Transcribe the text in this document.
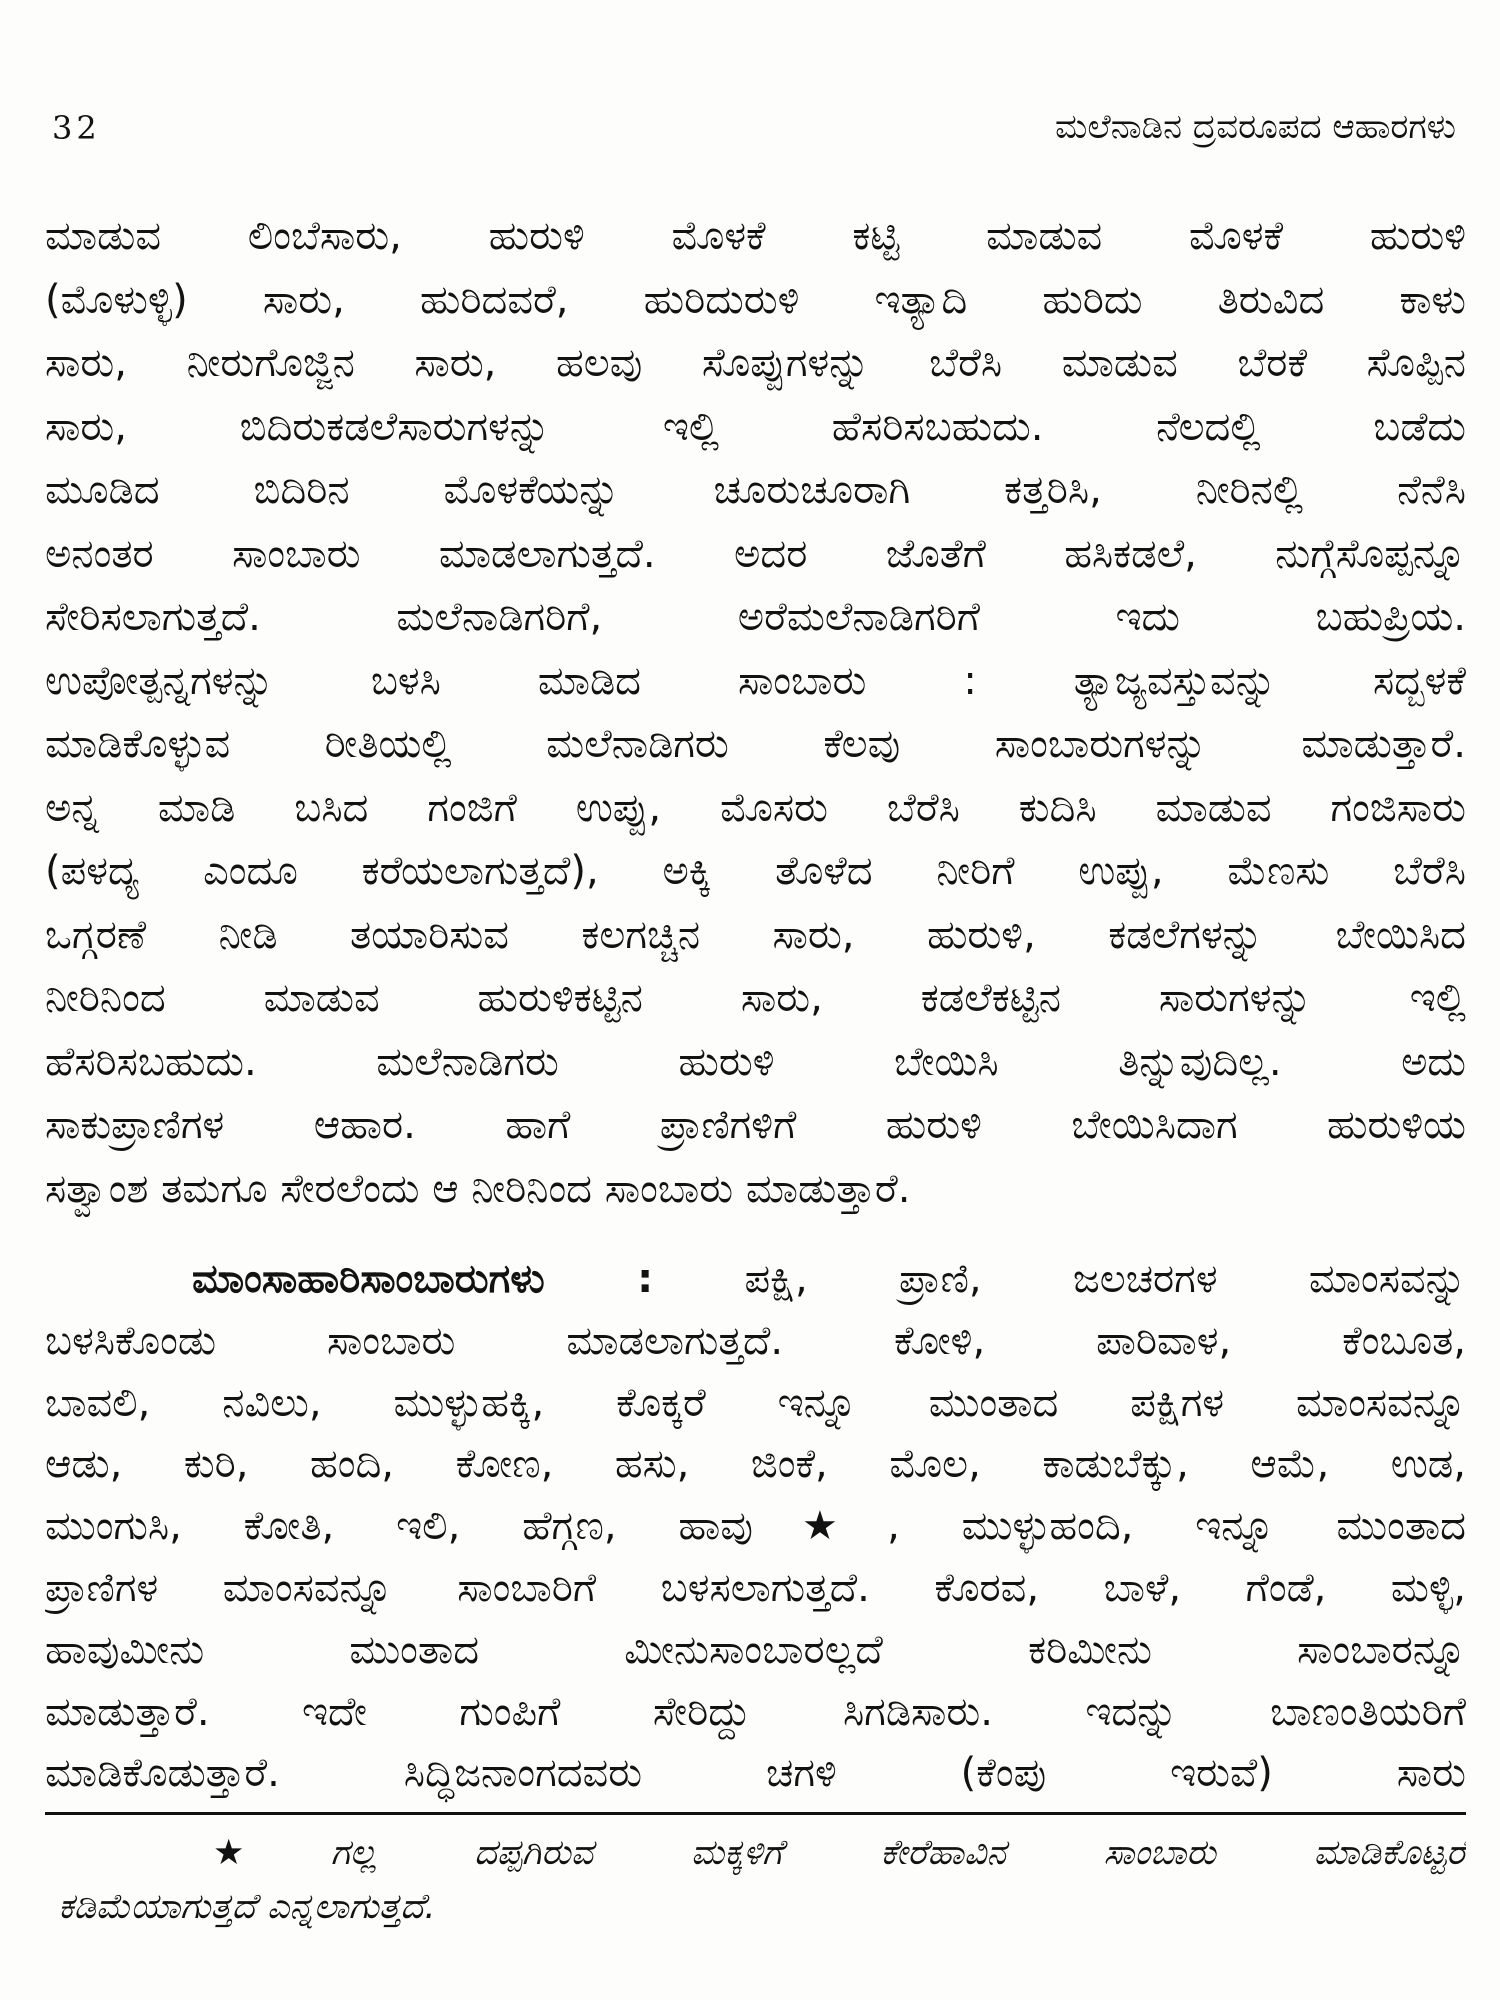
32	ಮಲೆನಾಡಿನ ದ್ರವರೂಪದ ಆಹಾರಗಳು
ಮಾಡುವ ಲಿಂಬೆಸಾರು, ಹುರುಳಿ ಮೊಳಕೆ ಕಟ್ಟಿ ಮಾಡುವ ಮೊಳಕೆ ಹುರುಳಿ
(ಮೊಳುಳ್ಳಿ) ಸಾರು, ಹುರಿದವರೆ, ಹುರಿದುರುಳಿ ಇತ್ಯಾದಿ ಹುರಿದು ತಿರುವಿದ ಕಾಳು
ಸಾರು, ನೀರುಗೊಜ್ಜಿನ ಸಾರು, ಹಲವು ಸೊಪ್ಪುಗಳನ್ನು ಬೆರೆಸಿ ಮಾಡುವ ಬೆರಕೆ ಸೊಪ್ಪಿನ
ಸಾರು, ಬಿದಿರುಕಡಲೆಸಾರುಗಳನ್ನು ಇಲ್ಲಿ ಹೆಸರಿಸಬಹುದು. ನೆಲದಲ್ಲಿ ಬಡೆದು
ಮೂಡಿದ ಬಿದಿರಿನ ಮೊಳಕೆಯನ್ನು ಚೂರುಚೂರಾಗಿ ಕತ್ತರಿಸಿ, ನೀರಿನಲ್ಲಿ ನೆನೆಸಿ
ಅನಂತರ ಸಾಂಬಾರು ಮಾಡಲಾಗುತ್ತದೆ. ಅದರ ಜೊತೆಗೆ ಹಸಿಕಡಲೆ, ನುಗ್ಗೆಸೊಪ್ಪನ್ನೂ
ಸೇರಿಸಲಾಗುತ್ತದೆ. ಮಲೆನಾಡಿಗರಿಗೆ, ಅರೆಮಲೆನಾಡಿಗರಿಗೆ ಇದು ಬಹುಪ್ರಿಯ.
ಉಪೋತ್ಪನ್ನಗಳನ್ನು ಬಳಸಿ ಮಾಡಿದ ಸಾಂಬಾರು : ತ್ಯಾಜ್ಯವಸ್ತುವನ್ನು ಸದ್ಬಳಕೆ
ಮಾಡಿಕೊಳ್ಳುವ ರೀತಿಯಲ್ಲಿ ಮಲೆನಾಡಿಗರು ಕೆಲವು ಸಾಂಬಾರುಗಳನ್ನು ಮಾಡುತ್ತಾರೆ.
ಅನ್ನ ಮಾಡಿ ಬಸಿದ ಗಂಜಿಗೆ ಉಪ್ಪು, ಮೊಸರು ಬೆರೆಸಿ ಕುದಿಸಿ ಮಾಡುವ ಗಂಜಿಸಾರು
(ಪಳದ್ಯ ಎಂದೂ ಕರೆಯಲಾಗುತ್ತದೆ), ಅಕ್ಕಿ ತೊಳೆದ ನೀರಿಗೆ ಉಪ್ಪು, ಮೆಣಸು ಬೆರೆಸಿ
ಒಗ್ಗರಣೆ ನೀಡಿ ತಯಾರಿಸುವ ಕಲಗಚ್ಚಿನ ಸಾರು, ಹುರುಳಿ, ಕಡಲೆಗಳನ್ನು ಬೇಯಿಸಿದ
ನೀರಿನಿಂದ ಮಾಡುವ ಹುರುಳಿಕಟ್ಟಿನ ಸಾರು, ಕಡಲೆಕಟ್ಟಿನ ಸಾರುಗಳನ್ನು ಇಲ್ಲಿ
ಹೆಸರಿಸಬಹುದು. ಮಲೆನಾಡಿಗರು ಹುರುಳಿ ಬೇಯಿಸಿ ತಿನ್ನುವುದಿಲ್ಲ. ಅದು
ಸಾಕುಪ್ರಾಣಿಗಳ ಆಹಾರ. ಹಾಗೆ ಪ್ರಾಣಿಗಳಿಗೆ ಹುರುಳಿ ಬೇಯಿಸಿದಾಗ ಹುರುಳಿಯ
ಸತ್ವಾಂಶ ತಮಗೂ ಸೇರಲೆಂದು ಆ ನೀರಿನಿಂದ ಸಾಂಬಾರು ಮಾಡುತ್ತಾರೆ.
ಮಾಂಸಾಹಾರಿಸಾಂಬಾರುಗಳು : ಪಕ್ಷಿ, ಪ್ರಾಣಿ, ಜಲಚರಗಳ ಮಾಂಸವನ್ನು
ಬಳಸಿಕೊಂಡು ಸಾಂಬಾರು ಮಾಡಲಾಗುತ್ತದೆ. ಕೋಳಿ, ಪಾರಿವಾಳ, ಕೆಂಬೂತ,
ಬಾವಲಿ, ನವಿಲು, ಮುಳ್ಳುಹಕ್ಕಿ, ಕೊಕ್ಕರೆ ಇನ್ನೂ ಮುಂತಾದ ಪಕ್ಷಿಗಳ ಮಾಂಸವನ್ನೂ
ಆಡು, ಕುರಿ, ಹಂದಿ, ಕೋಣ, ಹಸು, ಜಿಂಕೆ, ಮೊಲ, ಕಾಡುಬೆಕ್ಕು, ಆಮೆ, ಉಡ,
ಮುಂಗುಸಿ, ಕೋತಿ, ಇಲಿ, ಹೆಗ್ಗಣ, ಹಾವು★, ಮುಳ್ಳುಹಂದಿ, ಇನ್ನೂ ಮುಂತಾದ
ಪ್ರಾಣಿಗಳ ಮಾಂಸವನ್ನೂ ಸಾಂಬಾರಿಗೆ ಬಳಸಲಾಗುತ್ತದೆ. ಕೊರವ, ಬಾಳೆ, ಗೆಂಡೆ, ಮಳ್ಳಿ,
ಹಾವುಮೀನು ಮುಂತಾದ ಮೀನುಸಾಂಬಾರಲ್ಲದೆ ಕರಿಮೀನು ಸಾಂಬಾರನ್ನೂ
ಮಾಡುತ್ತಾರೆ. ಇದೇ ಗುಂಪಿಗೆ ಸೇರಿದ್ದು ಸಿಗಡಿಸಾರು. ಇದನ್ನು ಬಾಣಂತಿಯರಿಗೆ
ಮಾಡಿಕೊಡುತ್ತಾರೆ. ಸಿದ್ಧಿಜನಾಂಗದವರು ಚಗಳಿ (ಕೆಂಪು ಇರುವೆ) ಸಾರು
★ಗಲ್ಲ ದಪ್ಪಗಿರುವ ಮಕ್ಕಳಿಗೆ ಕೇರೆಹಾವಿನ ಸಾಂಬಾರು ಮಾಡಿಕೊಟ್ಟರೆ
ಕಡಿಮೆಯಾಗುತ್ತದೆ ಎನ್ನಲಾಗುತ್ತದೆ.
